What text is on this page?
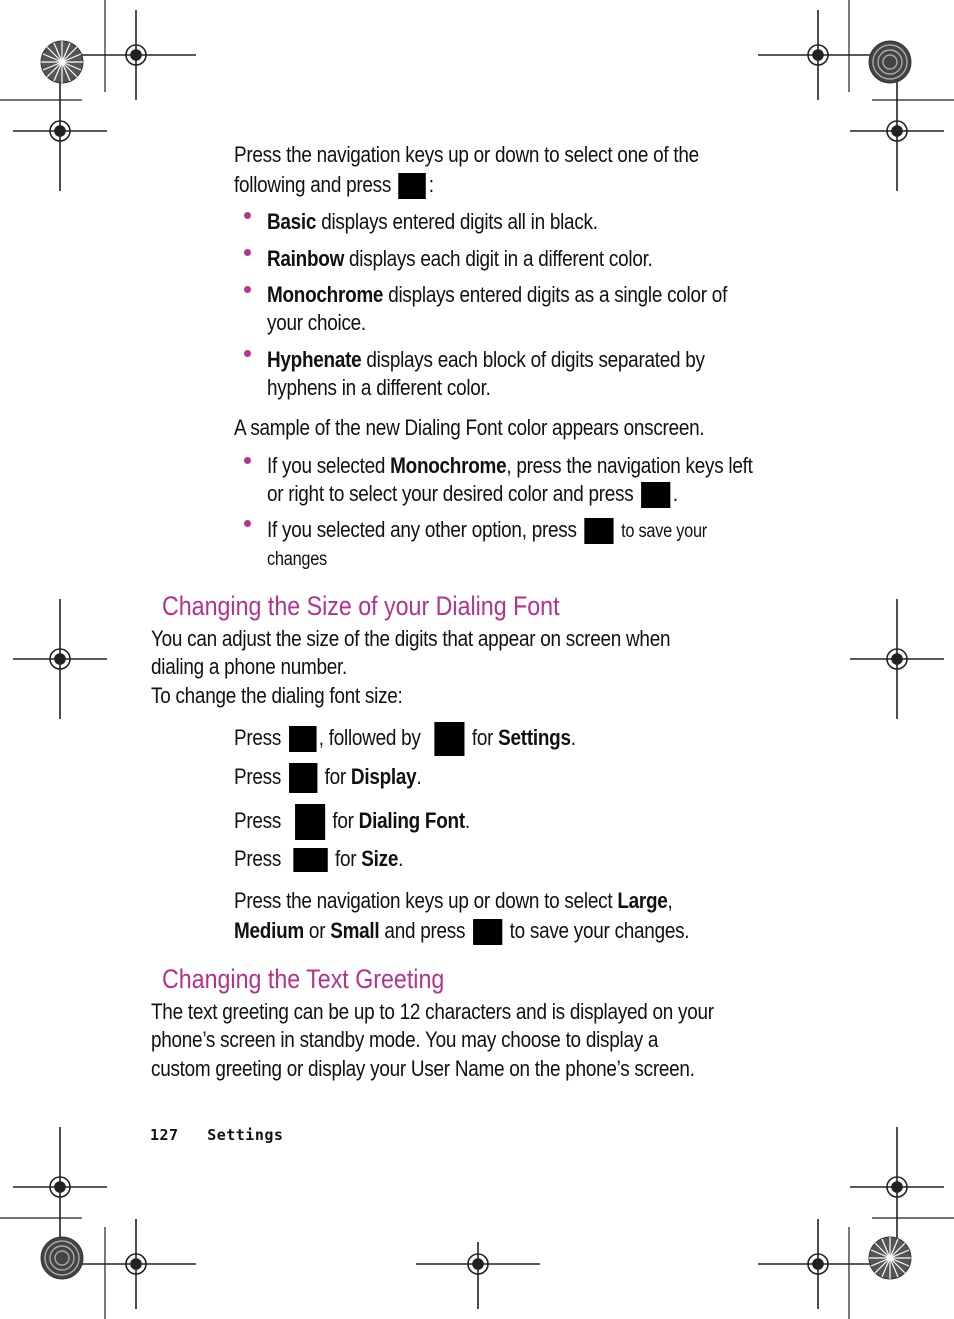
Press the navigation keys up or down to select one of the
following and press :
Basic displays entered digits all in black.
Rainbow displays each digit in a different color.
Monochrome displays entered digits as a single color of
your choice.
Hyphenate displays each block of digits separated by
hyphens in a different color.
A sample of the new Dialing Font color appears onscreen.
If you selected Monochrome, press the navigation keys left
or right to select your desired color and press .
If you selected any other option, press to save your
changes
Changing the Size of your Dialing Font
You can adjust the size of the digits that appear on screen when
dialing a phone number.
To change the dialing font size:
Press , followed by for Settings.
Press for Display.
Press for Dialing Font.
Press for Size.
Press the navigation keys up or down to select Large,
Medium or Small and press to save your changes.
Changing the Text Greeting
The text greeting can be up to 12 characters and is displayed on your
phone’s screen in standby mode. You may choose to display a
custom greeting or display your User Name on the phone’s screen.
127 Settings
